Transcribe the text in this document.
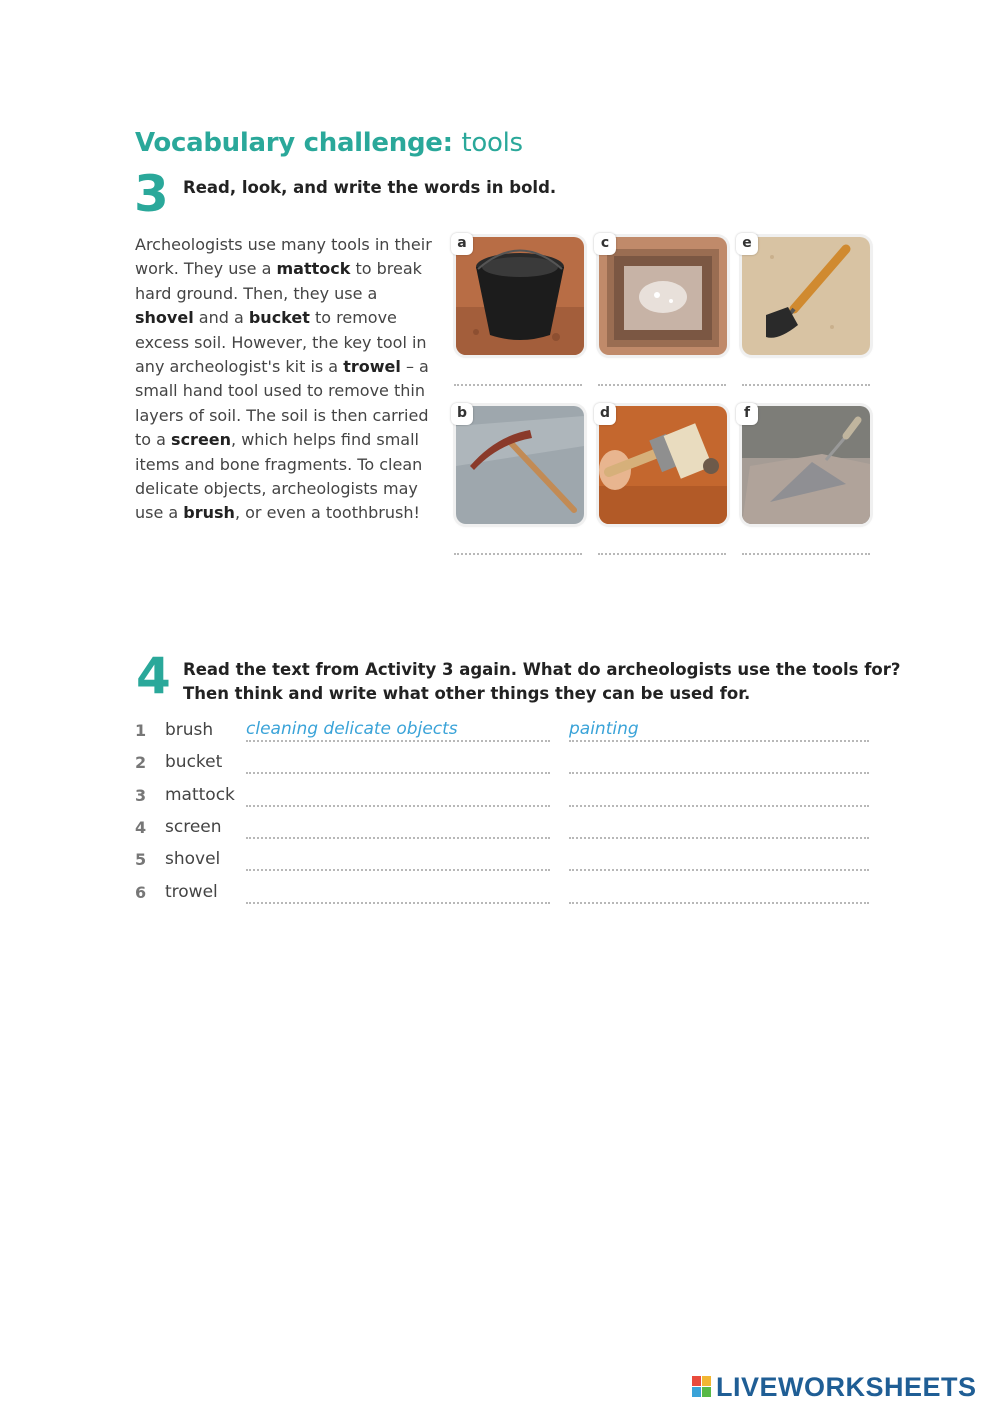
Vocabulary challenge: tools
3 Read, look, and write the words in bold.
Archeologists use many tools in their work. They use a mattock to break hard ground. Then, they use a shovel and a bucket to remove excess soil. However, the key tool in any archeologist's kit is a trowel – a small hand tool used to remove thin layers of soil. The soil is then carried to a screen, which helps find small items and bone fragments. To clean delicate objects, archeologists may use a brush, or even a toothbrush!
a	c	e
b	d	f
4 Read the text from Activity 3 again. What do archeologists use the tools for?
Then think and write what other things they can be used for.
1 brush cleaning delicate objects	painting
2 bucket
3 mattock
4 screen
5 shovel
6 trowel
LIVEWORKSHEETS
